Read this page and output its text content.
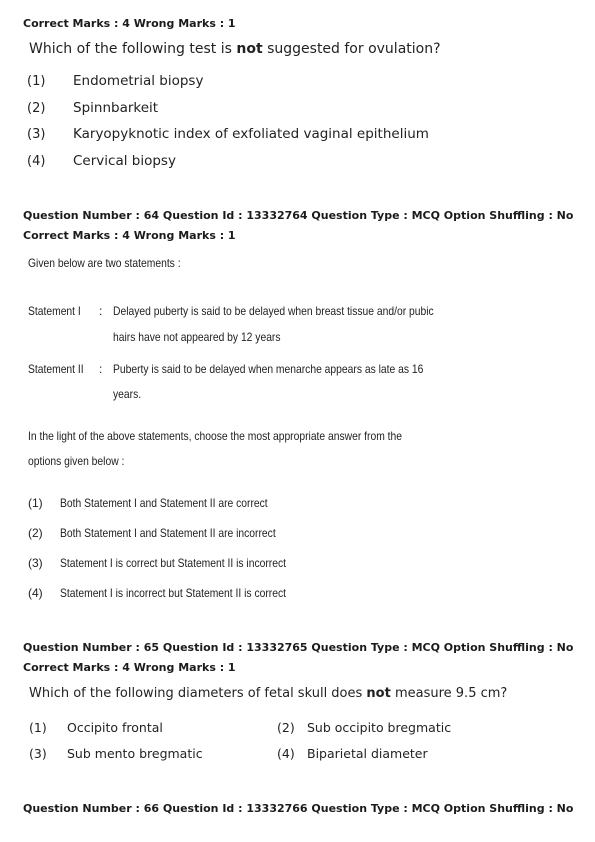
Correct Marks : 4 Wrong Marks : 1
Which of the following test is not suggested for ovulation?
(1) Endometrial biopsy
(2) Spinnbarkeit
(3) Karyopyknotic index of exfoliated vaginal epithelium
(4) Cervical biopsy
Question Number : 64 Question Id : 13332764 Question Type : MCQ Option Shuffling : No
Correct Marks : 4 Wrong Marks : 1
Given below are two statements :
Statement I : Delayed puberty is said to be delayed when breast tissue and/or pubic
hairs have not appeared by 12 years
Statement II : Puberty is said to be delayed when menarche appears as late as 16
years.
In the light of the above statements, choose the most appropriate answer from the
options given below :
(1) Both Statement I and Statement II are correct
(2) Both Statement I and Statement II are incorrect
(3) Statement I is correct but Statement II is incorrect
(4) Statement I is incorrect but Statement II is correct
Question Number : 65 Question Id : 13332765 Question Type : MCQ Option Shuffling : No
Correct Marks : 4 Wrong Marks : 1
Which of the following diameters of fetal skull does not measure 9.5 cm?
(1) Occipito frontal	(2) Sub occipito bregmatic
(3) Sub mento bregmatic	(4) Biparietal diameter
Question Number : 66 Question Id : 13332766 Question Type : MCQ Option Shuffling : No
